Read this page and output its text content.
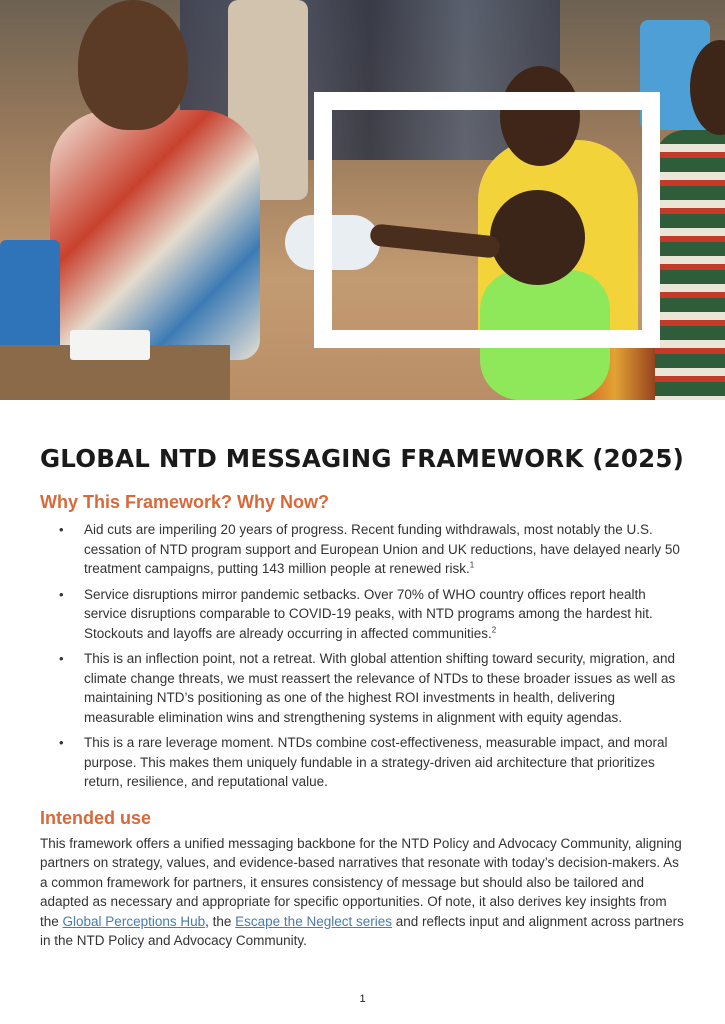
GLOBAL NTD MESSAGING FRAMEWORK (2025)
Why This Framework? Why Now?
• Aid cuts are imperiling 20 years of progress. Recent funding withdrawals, most notably the U.S. cessation of NTD program support and European Union and UK reductions, have delayed nearly 50 treatment campaigns, putting 143 million people at renewed risk.$^1$
• Service disruptions mirror pandemic setbacks. Over 70% of WHO country offices report health service disruptions comparable to COVID-19 peaks, with NTD programs among the hardest hit. Stockouts and layoffs are already occurring in affected communities.$^2$
• This is an inflection point, not a retreat. With global attention shifting toward security, migration, and climate change threats, we must reassert the relevance of NTDs to these broader issues as well as maintaining NTD’s positioning as one of the highest ROI investments in health, delivering measurable elimination wins and strengthening systems in alignment with equity agendas.
• This is a rare leverage moment. NTDs combine cost-effectiveness, measurable impact, and moral purpose. This makes them uniquely fundable in a strategy-driven aid architecture that prioritizes return, resilience, and reputational value.
Intended use

This framework offers a unified messaging backbone for the NTD Policy and Advocacy Community, aligning partners on strategy, values, and evidence-based narratives that resonate with today’s decision-makers. As a common framework for partners, it ensures consistency of message but should also be tailored and adapted as necessary and appropriate for specific opportunities. Of note, it also derives key insights from the Global Perceptions Hub, the Escape the Neglect series and reflects input and alignment across partners in the NTD Policy and Advocacy Community.

1
